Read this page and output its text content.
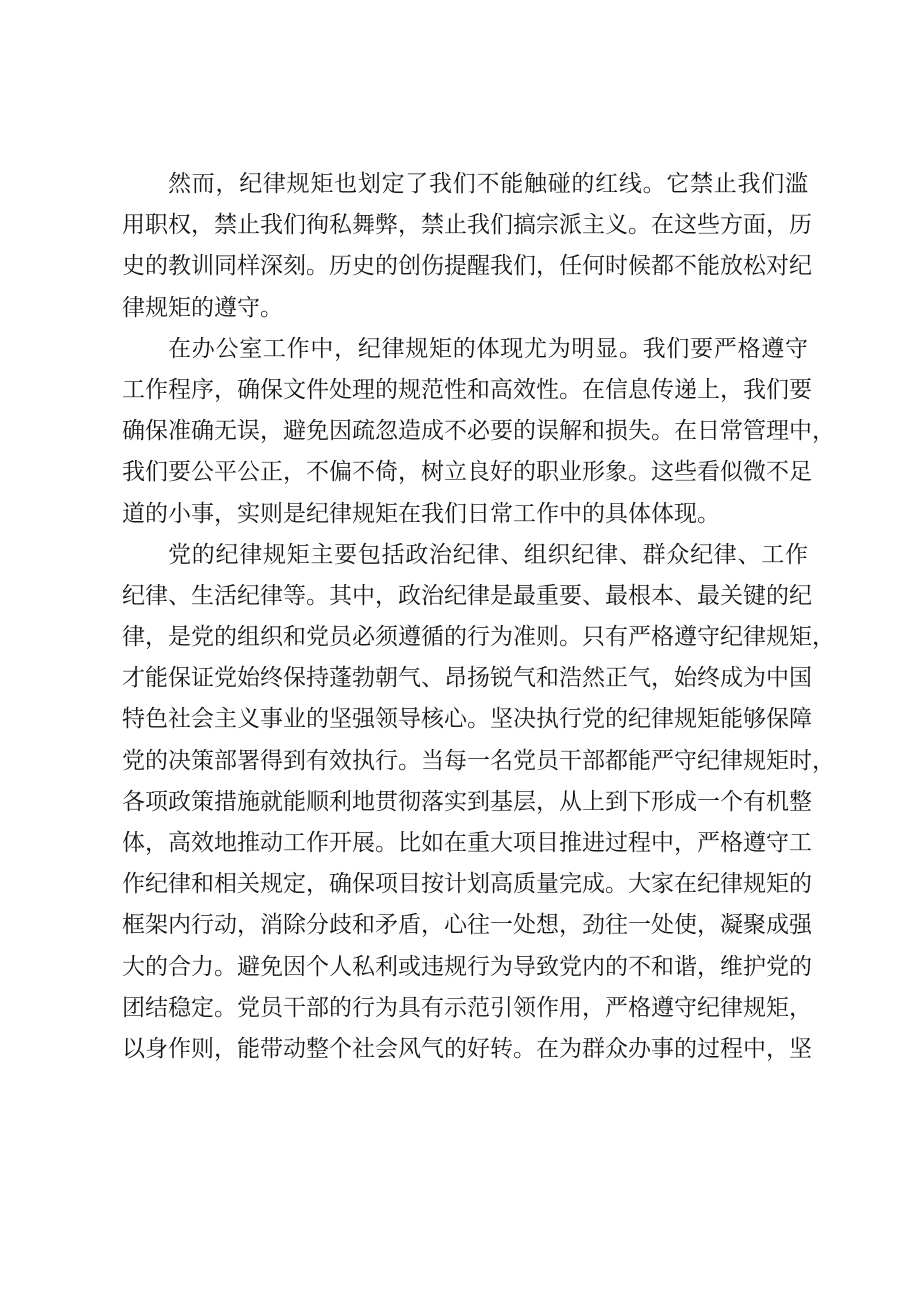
然而，纪律规矩也划定了我们不能触碰的红线。它禁止我们滥
用职权，禁止我们徇私舞弊，禁止我们搞宗派主义。在这些方面，历
史的教训同样深刻。历史的创伤提醒我们，任何时候都不能放松对纪
律规矩的遵守。
在办公室工作中，纪律规矩的体现尤为明显。我们要严格遵守
工作程序，确保文件处理的规范性和高效性。在信息传递上，我们要
确保准确无误，避免因疏忽造成不必要的误解和损失。在日常管理中，
我们要公平公正，不偏不倚，树立良好的职业形象。这些看似微不足
道的小事，实则是纪律规矩在我们日常工作中的具体体现。
党的纪律规矩主要包括政治纪律、组织纪律、群众纪律、工作
纪律、生活纪律等。其中，政治纪律是最重要、最根本、最关键的纪
律，是党的组织和党员必须遵循的行为准则。只有严格遵守纪律规矩，
才能保证党始终保持蓬勃朝气、昂扬锐气和浩然正气，始终成为中国
特色社会主义事业的坚强领导核心。坚决执行党的纪律规矩能够保障
党的决策部署得到有效执行。当每一名党员干部都能严守纪律规矩时，
各项政策措施就能顺利地贯彻落实到基层，从上到下形成一个有机整
体，高效地推动工作开展。比如在重大项目推进过程中，严格遵守工
作纪律和相关规定，确保项目按计划高质量完成。大家在纪律规矩的
框架内行动，消除分歧和矛盾，心往一处想，劲往一处使，凝聚成强
大的合力。避免因个人私利或违规行为导致党内的不和谐，维护党的
团结稳定。党员干部的行为具有示范引领作用，严格遵守纪律规矩，
以身作则，能带动整个社会风气的好转。在为群众办事的过程中，坚
